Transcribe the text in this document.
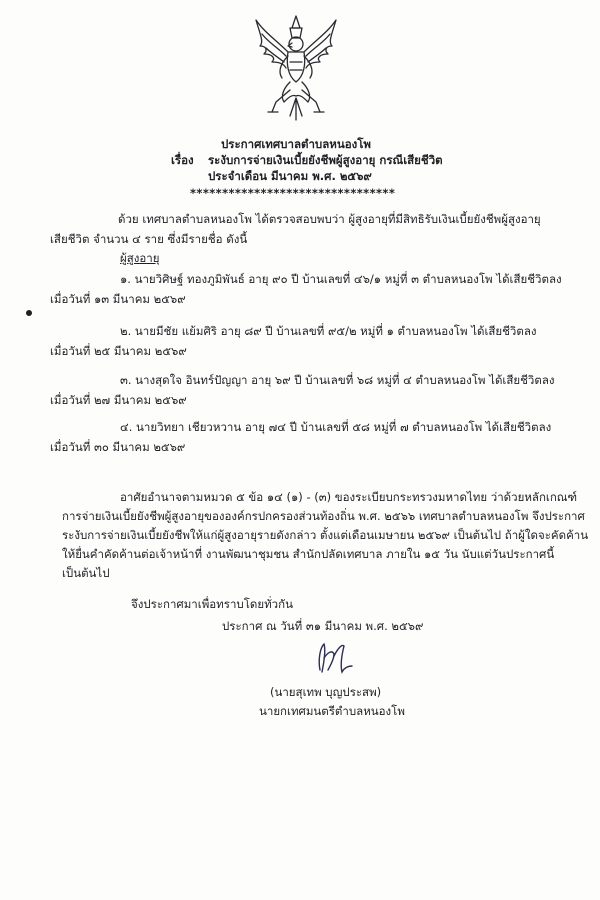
ประกาศเทศบาลตำบลหนองโพ
เรื่อง ระงับการจ่ายเงินเบี้ยยังชีพผู้สูงอายุ กรณีเสียชีวิต
ประจำเดือน มีนาคม พ.ศ. ๒๕๖๙
********************************
ด้วย เทศบาลตำบลหนองโพ ได้ตรวจสอบพบว่า ผู้สูงอายุที่มีสิทธิรับเงินเบี้ยยังชีพผู้สูงอายุ
เสียชีวิต จำนวน ๔ ราย ซึ่งมีรายชื่อ ดังนี้
ผู้สูงอายุ
๑. นายวิศิษฐ์ ทองภูมิพันธ์ อายุ ๙๐ ปี บ้านเลขที่ ๔๖/๑ หมู่ที่ ๓ ตำบลหนองโพ ได้เสียชีวิตลง
เมื่อวันที่ ๑๓ มีนาคม ๒๕๖๙
๒. นายมีชัย แย้มศิริ อายุ ๘๙ ปี บ้านเลขที่ ๙๕/๒ หมู่ที่ ๑ ตำบลหนองโพ ได้เสียชีวิตลง
เมื่อวันที่ ๒๕ มีนาคม ๒๕๖๙
๓. นางสุดใจ อินทร์ปัญญา อายุ ๖๙ ปี บ้านเลขที่ ๖๘ หมู่ที่ ๔ ตำบลหนองโพ ได้เสียชีวิตลง
เมื่อวันที่ ๒๗ มีนาคม ๒๕๖๙
๔. นายวิทยา เชียวหวาน อายุ ๗๔ ปี บ้านเลขที่ ๕๘ หมู่ที่ ๗ ตำบลหนองโพ ได้เสียชีวิตลง
เมื่อวันที่ ๓๐ มีนาคม ๒๕๖๙
อาศัยอำนาจตามหมวด ๕ ข้อ ๑๔ (๑) - (๓) ของระเบียบกระทรวงมหาดไทย ว่าด้วยหลักเกณฑ์
การจ่ายเงินเบี้ยยังชีพผู้สูงอายุขององค์กรปกครองส่วนท้องถิ่น พ.ศ. ๒๕๖๖ เทศบาลตำบลหนองโพ จึงประกาศ
ระงับการจ่ายเงินเบี้ยยังชีพให้แก่ผู้สูงอายุรายดังกล่าว ตั้งแต่เดือนเมษายน ๒๕๖๙ เป็นต้นไป ถ้าผู้ใดจะคัดค้าน
ให้ยื่นคำคัดค้านต่อเจ้าหน้าที่ งานพัฒนาชุมชน สำนักปลัดเทศบาล ภายใน ๑๕ วัน นับแต่วันประกาศนี้
เป็นต้นไป
จึงประกาศมาเพื่อทราบโดยทั่วกัน
ประกาศ ณ วันที่ ๓๑ มีนาคม พ.ศ. ๒๕๖๙
(นายสุเทพ บุญประสพ)
นายกเทศมนตรีตำบลหนองโพ
